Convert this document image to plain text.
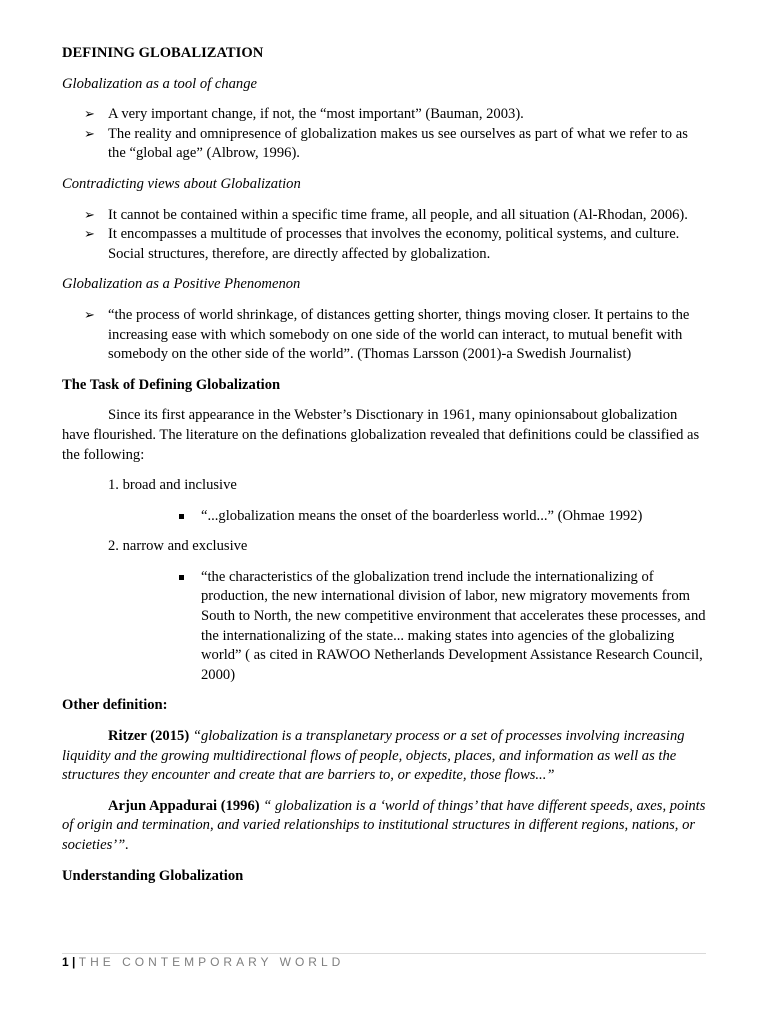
DEFINING GLOBALIZATION
Globalization as a tool of change
➢ A very important change, if not, the “most important” (Bauman, 2003).
➢ The reality and omnipresence of globalization makes us see ourselves as part of what we refer to as the “global age” (Albrow, 1996).
Contradicting views about Globalization
➢ It cannot be contained within a specific time frame, all people, and all situation (Al-Rhodan, 2006).
➢ It encompasses a multitude of processes that involves the economy, political systems, and culture. Social structures, therefore, are directly affected by globalization.
Globalization as a Positive Phenomenon
➢ “the process of world shrinkage, of distances getting shorter, things moving closer. It pertains to the increasing ease with which somebody on one side of the world can interact, to mutual benefit with somebody on the other side of the world”. (Thomas Larsson (2001)-a Swedish Journalist)
The Task of Defining Globalization

Since its first appearance in the Webster’s Disctionary in 1961, many opinionsabout globalization have flourished. The literature on the definations globalization revealed that definitions could be classified as the following:

1. broad and inclusive
“...globalization means the onset of the boarderless world...” (Ohmae 1992)
2. narrow and exclusive
“the characteristics of the globalization trend include the internationalizing of production, the new international division of labor, new migratory movements from South to North, the new competitive environment that accelerates these processes, and the internationalizing of the state... making states into agencies of the globalizing world” ( as cited in RAWOO Netherlands Development Assistance Research Council, 2000)
Other definition:

Ritzer (2015) “globalization is a transplanetary process or a set of processes involving increasing liquidity and the growing multidirectional flows of people, objects, places, and information as well as the structures they encounter and create that are barriers to, or expedite, those flows...”

Arjun Appadurai (1996) “ globalization is a ‘world of things’ that have different speeds, axes, points of origin and termination, and varied relationships to institutional structures in different regions, nations, or societies’”.

Understanding Globalization
1 | THE CONTEMPORARY WORLD
